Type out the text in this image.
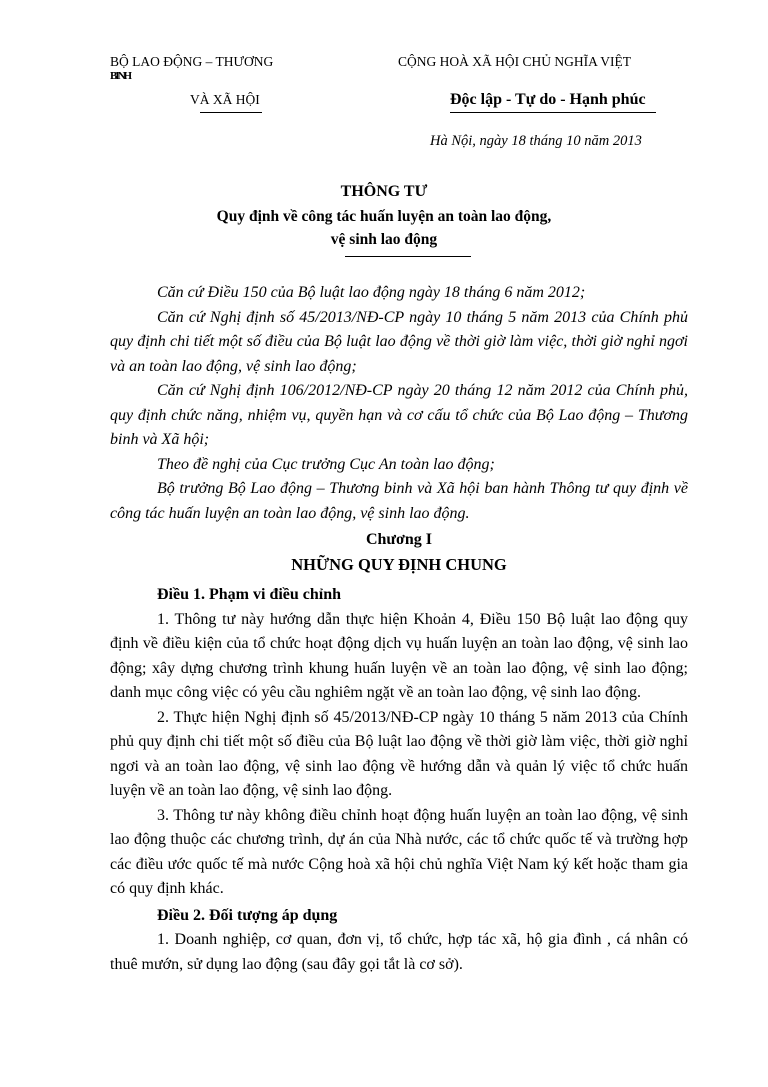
BỘ LAO ĐỘNG – THƯƠNG
BINH
VÀ XÃ HỘI
CỘNG HOÀ XÃ HỘI CHỦ NGHĨA VIỆT
Độc lập - Tự do - Hạnh phúc
Hà Nội, ngày 18 tháng 10 năm 2013
THÔNG TƯ
Quy định về công tác huấn luyện an toàn lao động,
vệ sinh lao động

Căn cứ Điều 150 của Bộ luật lao động ngày 18 tháng 6 năm 2012;

Căn cứ Nghị định số 45/2013/NĐ-CP ngày 10 tháng 5 năm 2013 của Chính phủ quy định chi tiết một số điều của Bộ luật lao động về thời giờ làm việc, thời giờ nghỉ ngơi và an toàn lao động, vệ sinh lao động;

Căn cứ Nghị định 106/2012/NĐ-CP ngày 20 tháng 12 năm 2012 của Chính phủ, quy định chức năng, nhiệm vụ, quyền hạn và cơ cấu tổ chức của Bộ Lao động – Thương binh và Xã hội;

Theo đề nghị của Cục trưởng Cục An toàn lao động;

Bộ trưởng Bộ Lao động – Thương binh và Xã hội ban hành Thông tư quy định về công tác huấn luyện an toàn lao động, vệ sinh lao động.

Chương I

NHỮNG QUY ĐỊNH CHUNG

Điều 1. Phạm vi điều chỉnh

1. Thông tư này hướng dẫn thực hiện Khoản 4, Điều 150 Bộ luật lao động quy định về điều kiện của tổ chức hoạt động dịch vụ huấn luyện an toàn lao động, vệ sinh lao động; xây dựng chương trình khung huấn luyện về an toàn lao động, vệ sinh lao động; danh mục công việc có yêu cầu nghiêm ngặt về an toàn lao động, vệ sinh lao động.

2. Thực hiện Nghị định số 45/2013/NĐ-CP ngày 10 tháng 5 năm 2013 của Chính phủ quy định chi tiết một số điều của Bộ luật lao động về thời giờ làm việc, thời giờ nghỉ ngơi và an toàn lao động, vệ sinh lao động về hướng dẫn và quản lý việc tổ chức huấn luyện về an toàn lao động, vệ sinh lao động.

3. Thông tư này không điều chỉnh hoạt động huấn luyện an toàn lao động, vệ sinh lao động thuộc các chương trình, dự án của Nhà nước, các tổ chức quốc tế và trường hợp các điều ước quốc tế mà nước Cộng hoà xã hội chủ nghĩa Việt Nam ký kết hoặc tham gia có quy định khác.

Điều 2. Đối tượng áp dụng

1. Doanh nghiệp, cơ quan, đơn vị, tổ chức, hợp tác xã, hộ gia đình , cá nhân có thuê mướn, sử dụng lao động (sau đây gọi tắt là cơ sở).
